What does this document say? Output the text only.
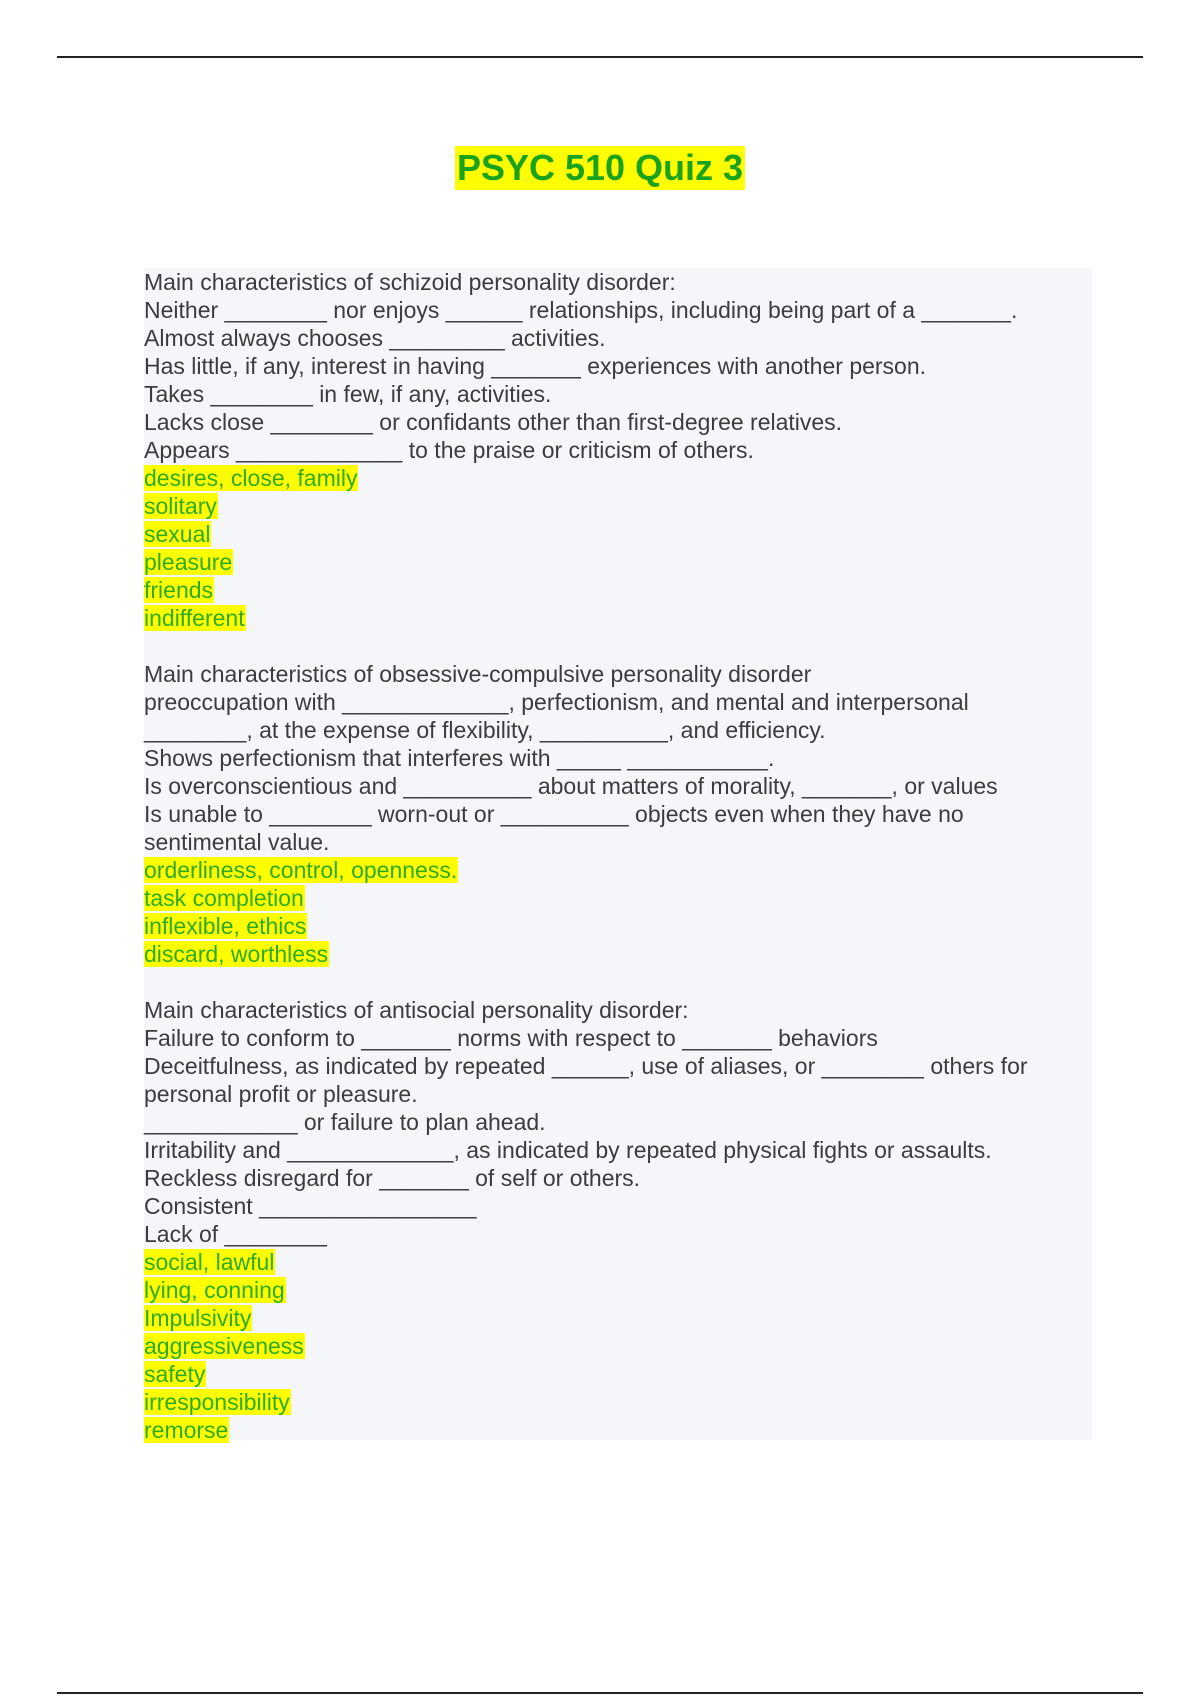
PSYC 510 Quiz 3
Main characteristics of schizoid personality disorder:
Neither ________ nor enjoys ______ relationships, including being part of a _______.
Almost always chooses _________ activities.
Has little, if any, interest in having _______ experiences with another person.
Takes ________ in few, if any, activities.
Lacks close ________ or confidants other than first-degree relatives.
Appears _____________ to the praise or criticism of others.
desires, close, family
solitary
sexual
pleasure
friends
indifferent
Main characteristics of obsessive-compulsive personality disorder
preoccupation with _____________, perfectionism, and mental and interpersonal
________, at the expense of flexibility, __________, and efficiency.
Shows perfectionism that interferes with _____ ___________.
Is overconscientious and __________ about matters of morality, _______, or values
Is unable to ________ worn-out or __________ objects even when they have no
sentimental value.
orderliness, control, openness.
task completion
inflexible, ethics
discard, worthless
Main characteristics of antisocial personality disorder:
Failure to conform to _______ norms with respect to _______ behaviors
Deceitfulness, as indicated by repeated ______, use of aliases, or ________ others for
personal profit or pleasure.
____________ or failure to plan ahead.
Irritability and _____________, as indicated by repeated physical fights or assaults.
Reckless disregard for _______ of self or others.
Consistent _________________
Lack of ________
social, lawful
lying, conning
Impulsivity
aggressiveness
safety
irresponsibility
remorse
